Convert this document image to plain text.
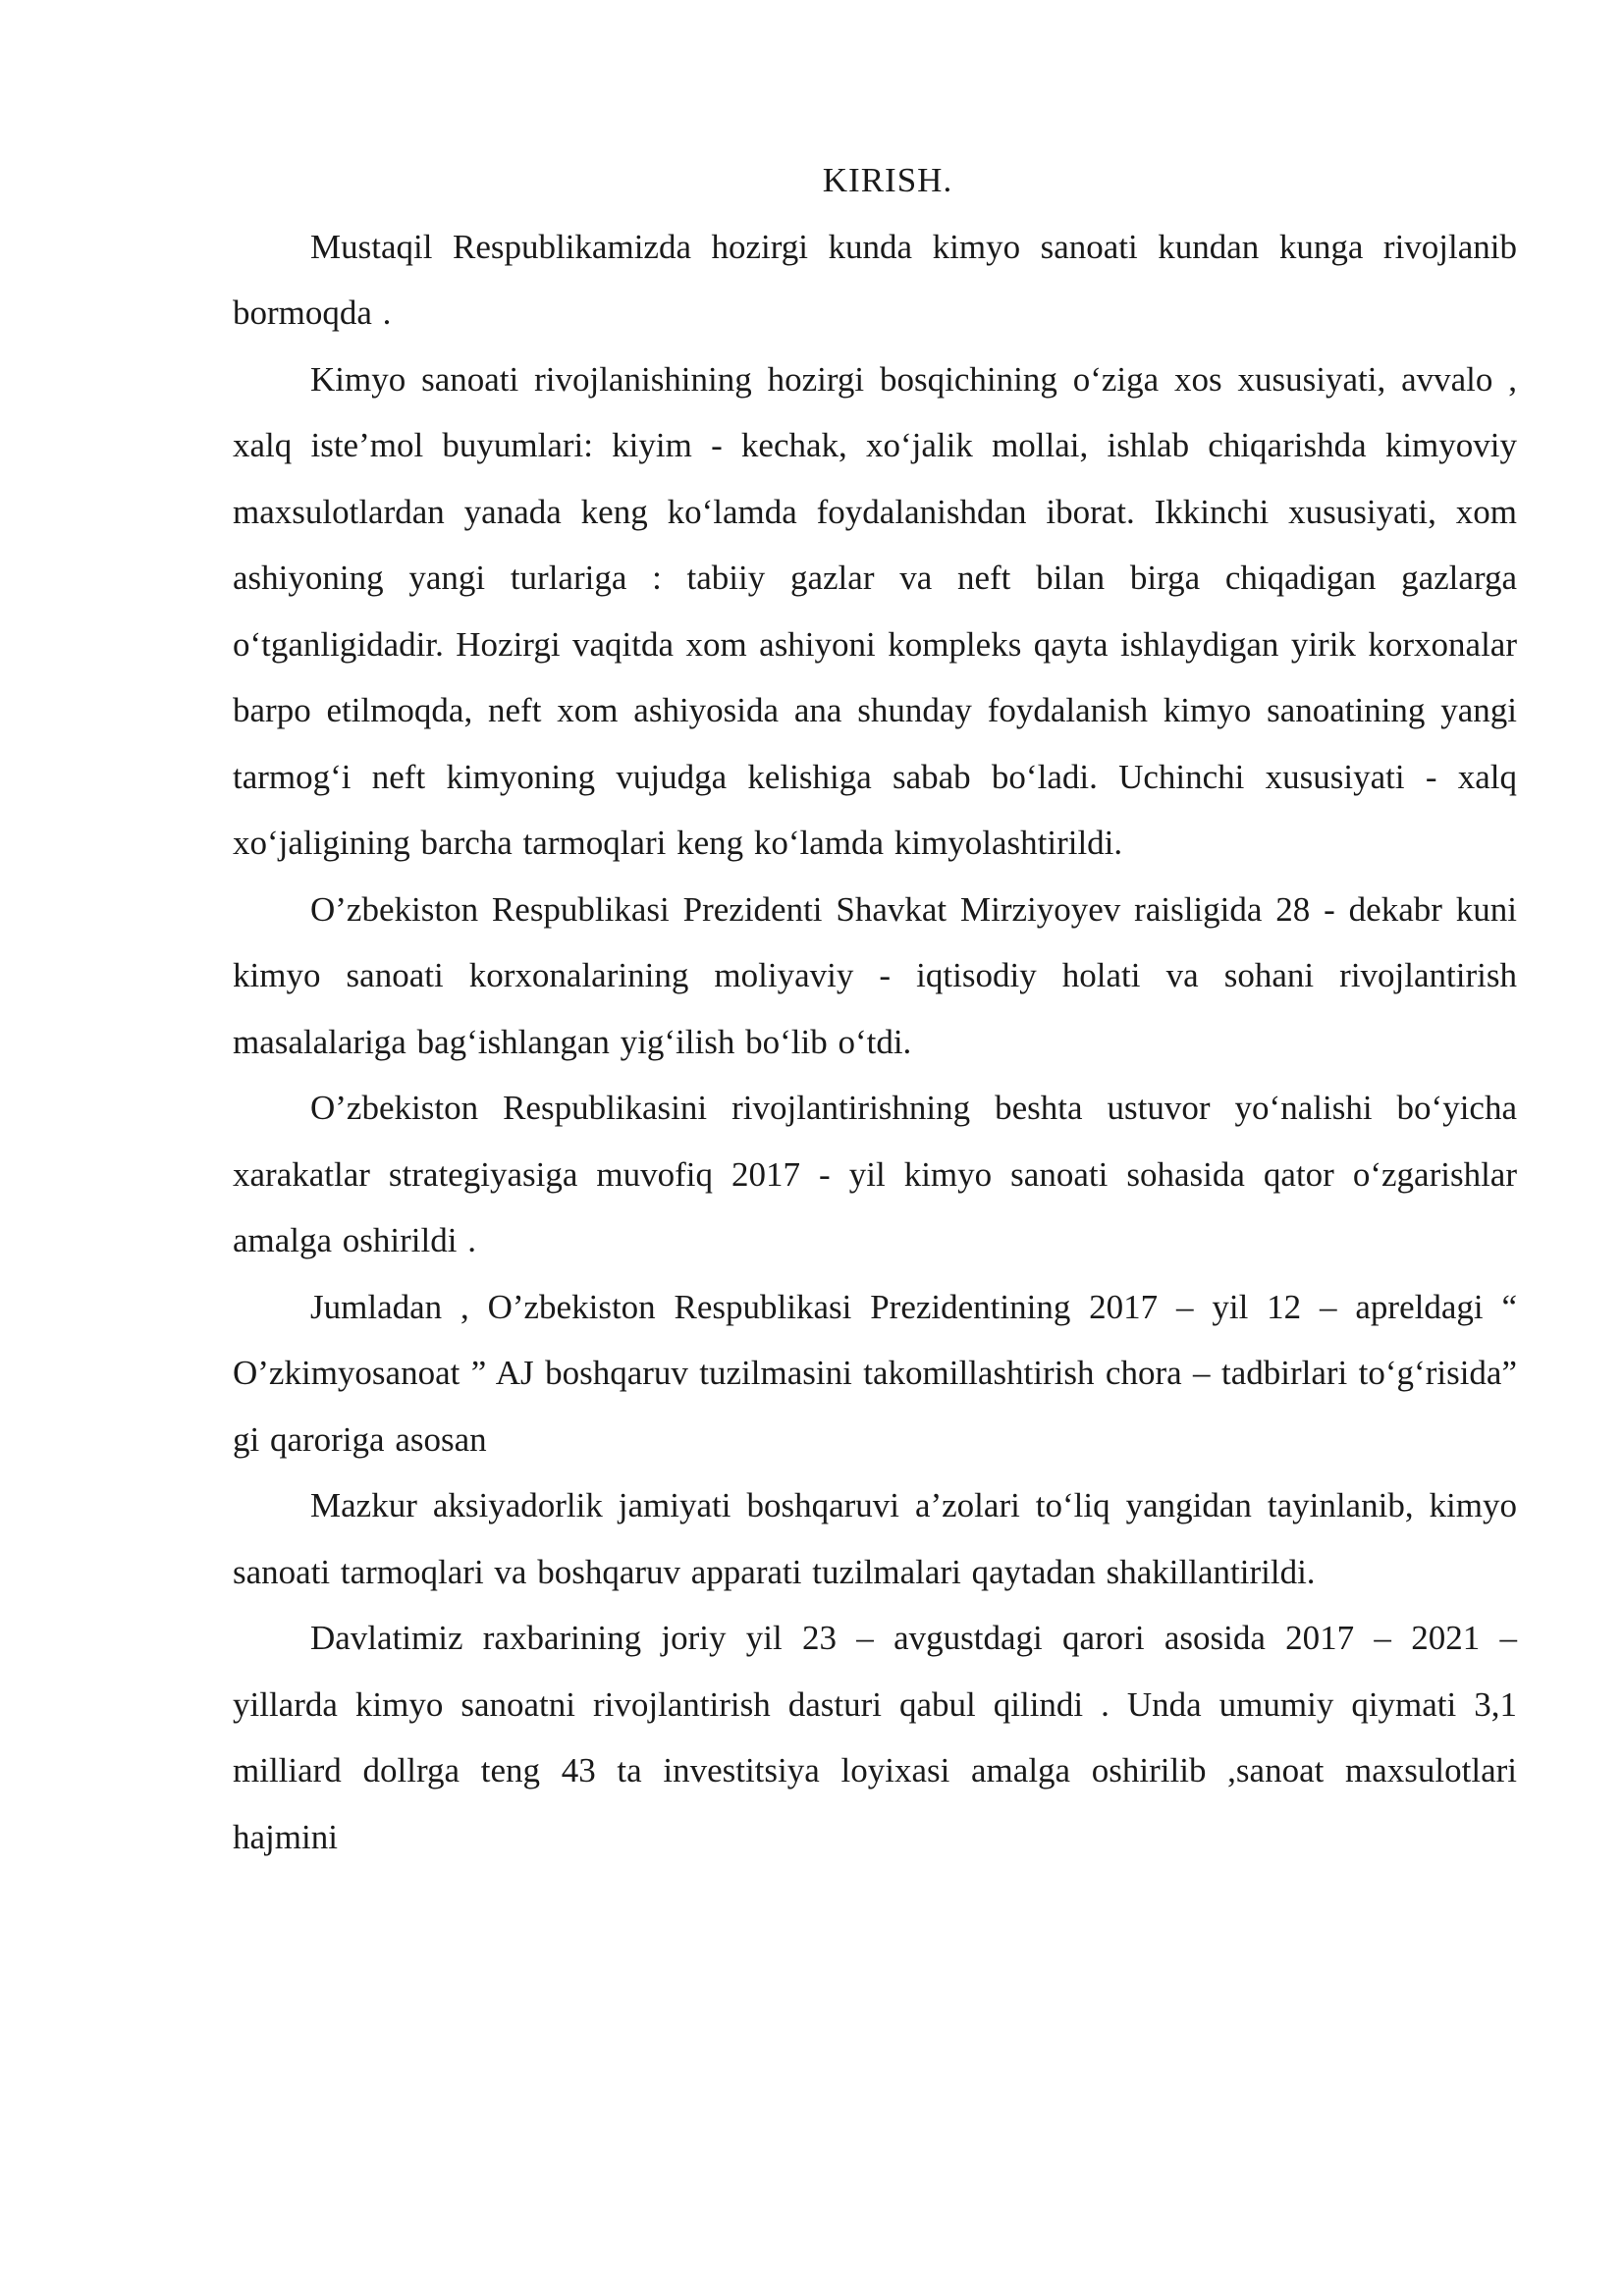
KIRISH.

Mustaqil Respublikamizda hozirgi kunda kimyo sanoati kundan kunga rivojlanib bormoqda .

Kimyo sanoati rivojlanishining hozirgi bosqichining o‘ziga xos xususiyati, avvalo , xalq iste’mol buyumlari: kiyim - kechak, xo‘jalik mollai, ishlab chiqarishda kimyoviy maxsulotlardan yanada keng ko‘lamda foydalanishdan iborat. Ikkinchi xususiyati, xom ashiyoning yangi turlariga : tabiiy gazlar va neft bilan birga chiqadigan gazlarga o‘tganligidadir. Hozirgi vaqitda xom ashiyoni kompleks qayta ishlaydigan yirik korxonalar barpo etilmoqda, neft xom ashiyosida ana shunday foydalanish kimyo sanoatining yangi tarmog‘i neft kimyoning vujudga kelishiga sabab bo‘ladi. Uchinchi xususiyati - xalq xo‘jaligining barcha tarmoqlari keng ko‘lamda kimyolashtirildi.

O’zbekiston Respublikasi Prezidenti Shavkat Mirziyoyev raisligida 28 - dekabr kuni kimyo sanoati korxonalarining moliyaviy - iqtisodiy holati va sohani rivojlantirish masalalariga bag‘ishlangan yig‘ilish bo‘lib o‘tdi.

O’zbekiston Respublikasini rivojlantirishning beshta ustuvor yo‘nalishi bo‘yicha xarakatlar strategiyasiga muvofiq 2017 - yil kimyo sanoati sohasida qator o‘zgarishlar amalga oshirildi .

Jumladan , O’zbekiston Respublikasi Prezidentining 2017 – yil 12 – apreldagi “ O’zkimyosanoat ” AJ boshqaruv tuzilmasini takomillashtirish chora – tadbirlari to‘g‘risida” gi qaroriga asosan

Mazkur aksiyadorlik jamiyati boshqaruvi a’zolari to‘liq yangidan tayinlanib, kimyo sanoati tarmoqlari va boshqaruv apparati tuzilmalari qaytadan shakillantirildi.

Davlatimiz raxbarining joriy yil 23 – avgustdagi qarori asosida 2017 – 2021 – yillarda kimyo sanoatni rivojlantirish dasturi qabul qilindi . Unda umumiy qiymati 3,1 milliard dollrga teng 43 ta investitsiya loyixasi amalga oshirilib ,sanoat maxsulotlari hajmini
